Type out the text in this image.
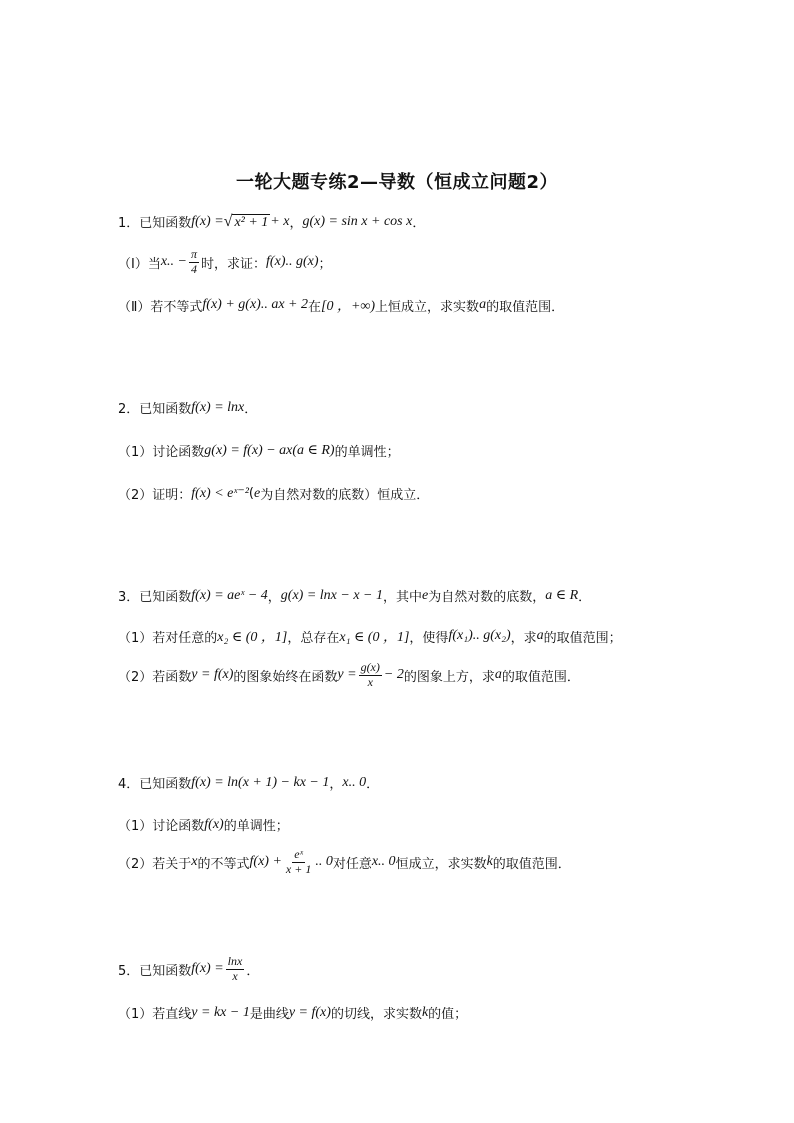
一轮大题专练2—导数（恒成立问题2）
1．已知函数 f(x) = √ x² + 1 + x ， g(x) = sin x + cos x ．
（Ⅰ）当 x.. − $\frac{\pi}{4}$ 时，求证： f(x).. g(x) ；
（Ⅱ）若不等式 f(x) + g(x).. ax + 2 在 [0 ，+∞) 上恒成立，求实数 a 的取值范围．
2．已知函数 f(x) = lnx ．
（1）讨论函数 g(x) = f(x) − ax(a ∈ R) 的单调性；
（2）证明： f(x) < eˣ⁻² ( e 为自然对数的底数）恒成立．
3．已知函数 f(x) = aeˣ − 4 ， g(x) = lnx − x − 1 ，其中 e 为自然对数的底数， a ∈ R ．
（1）若对任意的 x₂ ∈ (0 ，1] ，总存在 x₁ ∈ (0 ，1] ，使得 f(x₁).. g(x₂) ，求 a 的取值范围；
（2）若函数 y = f(x) 的图象始终在函数 $y = \frac{g(x)}{x} - 2$ 的图象上方，求 a 的取值范围．
4．已知函数 f(x) = ln(x + 1) − kx − 1 ， x.. 0 ．
（1）讨论函数 f(x) 的单调性；
（2）若关于 x 的不等式 $f(x) + \frac{\text{eˣ}}{x + 1}$ .. 0 对任意 x.. 0 恒成立，求实数 k 的取值范围．
5．已知函数 $f(x) = \frac{\ln x}{x}$ ．
（1）若直线 y = kx − 1 是曲线 y = f(x) 的切线，求实数 k 的值；
